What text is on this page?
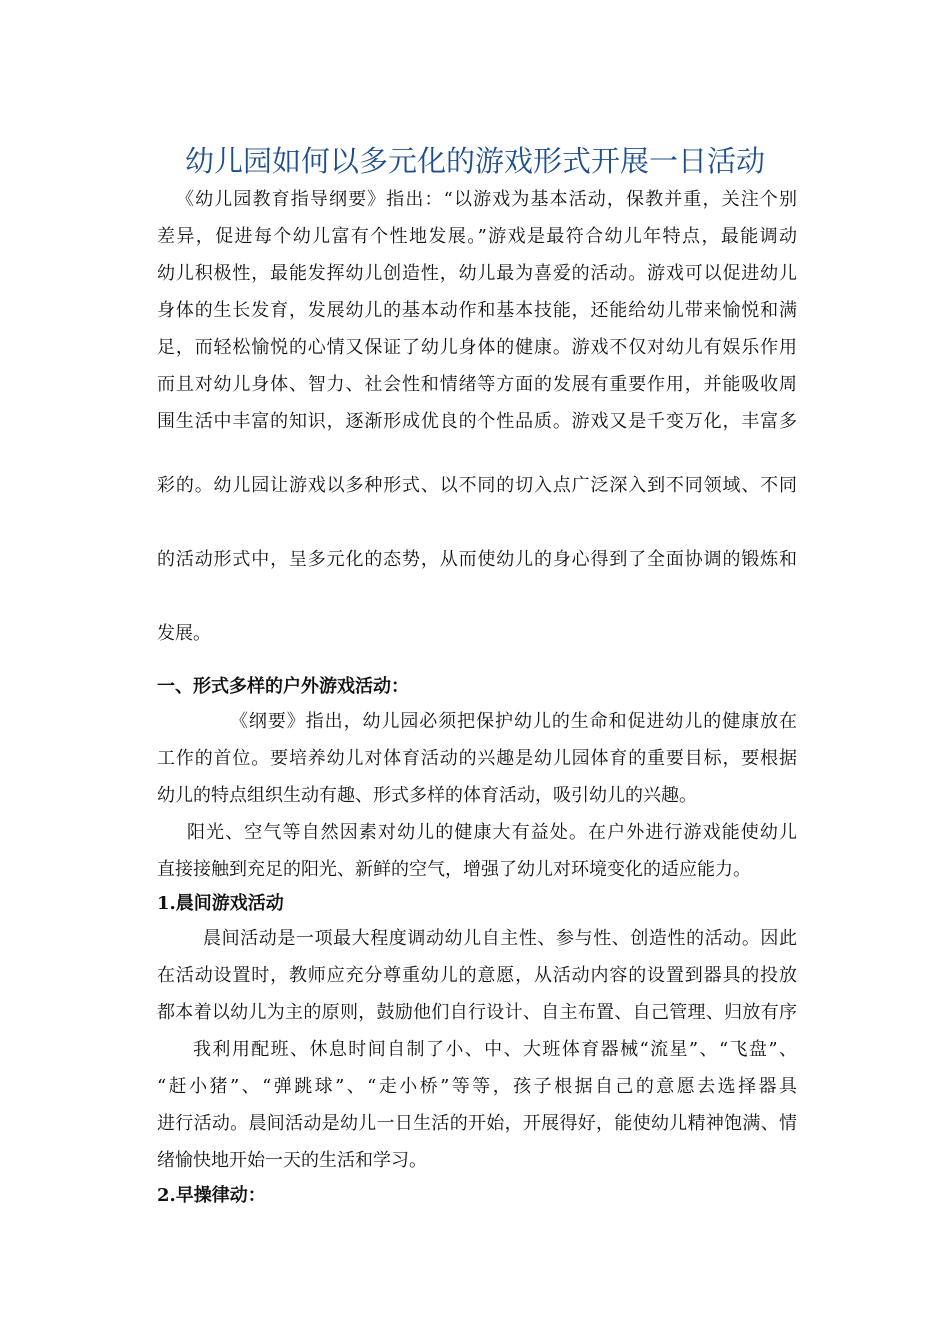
幼儿园如何以多元化的游戏形式开展一日活动
《幼儿园教育指导纲要》指出：“以游戏为基本活动，保教并重，关注个别
差异，促进每个幼儿富有个性地发展。”游戏是最符合幼儿年特点，最能调动
幼儿积极性，最能发挥幼儿创造性，幼儿最为喜爱的活动。游戏可以促进幼儿
身体的生长发育，发展幼儿的基本动作和基本技能，还能给幼儿带来愉悦和满
足，而轻松愉悦的心情又保证了幼儿身体的健康。游戏不仅对幼儿有娱乐作用
而且对幼儿身体、智力、社会性和情绪等方面的发展有重要作用，并能吸收周
围生活中丰富的知识，逐渐形成优良的个性品质。游戏又是千变万化，丰富多
彩的。幼儿园让游戏以多种形式、以不同的切入点广泛深入到不同领域、不同
的活动形式中，呈多元化的态势，从而使幼儿的身心得到了全面协调的锻炼和
发展。
一、形式多样的户外游戏活动：
《纲要》指出，幼儿园必须把保护幼儿的生命和促进幼儿的健康放在
工作的首位。要培养幼儿对体育活动的兴趣是幼儿园体育的重要目标，要根据
幼儿的特点组织生动有趣、形式多样的体育活动，吸引幼儿的兴趣。
阳光、空气等自然因素对幼儿的健康大有益处。在户外进行游戏能使幼儿
直接接触到充足的阳光、新鲜的空气，增强了幼儿对环境变化的适应能力。
1.晨间游戏活动
晨间活动是一项最大程度调动幼儿自主性、参与性、创造性的活动。因此
在活动设置时，教师应充分尊重幼儿的意愿，从活动内容的设置到器具的投放
都本着以幼儿为主的原则，鼓励他们自行设计、自主布置、自己管理、归放有序
我利用配班、休息时间自制了小、中、大班体育器械“流星”、“飞盘”、
“赶小猪”、“弹跳球”、“走小桥”等等，孩子根据自己的意愿去选择器具
进行活动。晨间活动是幼儿一日生活的开始，开展得好，能使幼儿精神饱满、情
绪愉快地开始一天的生活和学习。
2.早操律动：
